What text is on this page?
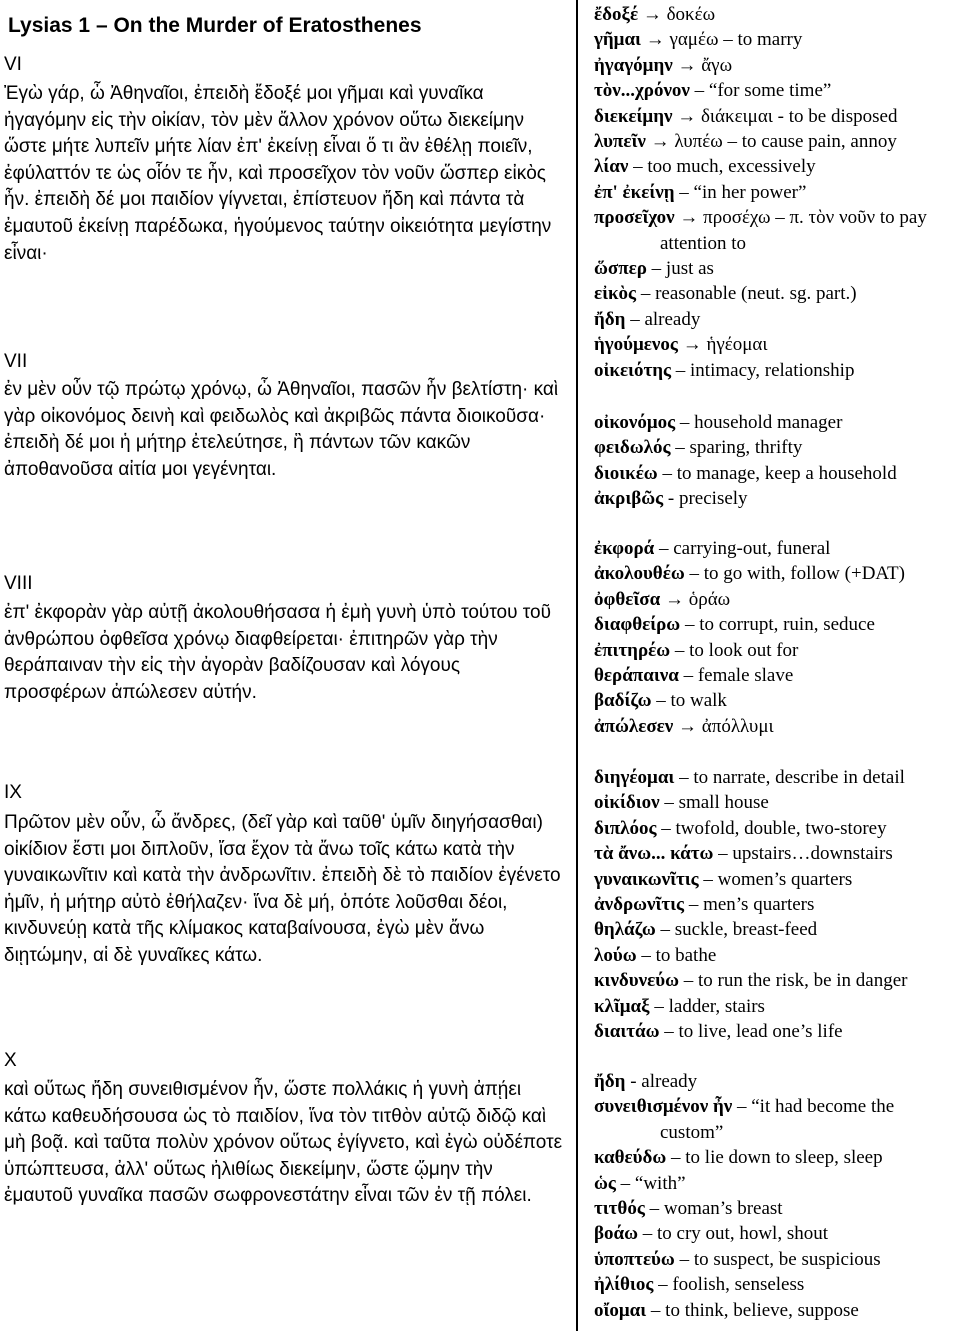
Lysias 1 – On the Murder of Eratosthenes
VI
Ἐγὼ γάρ, ὦ Ἀθηναῖοι, ἐπειδὴ ἔδοξέ μοι γῆμαι καὶ γυναῖκα ἠγαγόμην εἰς τὴν οἰκίαν, τὸν μὲν ἄλλον χρόνον οὕτω διεκείμην ὥστε μήτε λυπεῖν μήτε λίαν ἐπ' ἐκείνῃ εἶναι ὅ τι ἂν ἐθέλῃ ποιεῖν, ἐφύλαττόν τε ὡς οἷόν τε ἦν, καὶ προσεῖχον τὸν νοῦν ὥσπερ εἰκὸς ἦν. ἐπειδὴ δέ μοι παιδίον γίγνεται, ἐπίστευον ἤδη καὶ πάντα τὰ ἐμαυτοῦ ἐκείνῃ παρέδωκα, ἡγούμενος ταύτην οἰκειότητα μεγίστην εἶναι·
VII
ἐν μὲν οὖν τῷ πρώτῳ χρόνῳ, ὦ Ἀθηναῖοι, πασῶν ἦν βελτίστη· καὶ γὰρ οἰκονόμος δεινὴ καὶ φειδωλὸς καὶ ἀκριβῶς πάντα διοικοῦσα· ἐπειδὴ δέ μοι ἡ μήτηρ ἐτελεύτησε, ἣ πάντων τῶν κακῶν ἀποθανοῦσα αἰτία μοι γεγένηται.
VIII
ἐπ' ἐκφορὰν γὰρ αὐτῇ ἀκολουθήσασα ἡ ἐμὴ γυνὴ ὑπὸ τούτου τοῦ ἀνθρώπου ὀφθεῖσα χρόνῳ διαφθείρεται· ἐπιτηρῶν γὰρ τὴν θεράπαιναν τὴν εἰς τὴν ἀγορὰν βαδίζουσαν καὶ λόγους προσφέρων ἀπώλεσεν αὐτήν.
IX
Πρῶτον μὲν οὖν, ὦ ἄνδρες, (δεῖ γὰρ καὶ ταῦθ' ὑμῖν διηγήσασθαι) οἰκίδιον ἔστι μοι διπλοῦν, ἴσα ἔχον τὰ ἄνω τοῖς κάτω κατὰ τὴν γυναικωνῖτιν καὶ κατὰ τὴν ἀνδρωνῖτιν. ἐπειδὴ δὲ τὸ παιδίον ἐγένετο ἡμῖν, ἡ μήτηρ αὐτὸ ἐθήλαζεν· ἵνα δὲ μή, ὁπότε λοῦσθαι δέοι, κινδυνεύῃ κατὰ τῆς κλίμακος καταβαίνουσα, ἐγὼ μὲν ἄνω διῃτώμην, αἱ δὲ γυναῖκες κάτω.
X
καὶ οὕτως ἤδη συνειθισμένον ἦν, ὥστε πολλάκις ἡ γυνὴ ἀπῄει κάτω καθευδήσουσα ὡς τὸ παιδίον, ἵνα τὸν τιτθὸν αὐτῷ διδῷ καὶ μὴ βοᾷ. καὶ ταῦτα πολὺν χρόνον οὕτως ἐγίγνετο, καὶ ἐγὼ οὐδέποτε ὑπώπτευσα, ἀλλ' οὕτως ἠλιθίως διεκείμην, ὥστε ᾤμην τὴν ἐμαυτοῦ γυναῖκα πασῶν σωφρονεστάτην εἶναι τῶν ἐν τῇ πόλει.
ἔδοξέ → δοκέω
γῆμαι → γαμέω – to marry
ἠγαγόμην → ἄγω
τὸν...χρόνον – “for some time”
διεκείμην → διάκειμαι - to be disposed
λυπεῖν → λυπέω – to cause pain, annoy
λίαν – too much, excessively
ἐπ' ἐκείνῃ – “in her power”
προσεῖχον → προσέχω – π. τὸν νοῦν to pay attention to
ὥσπερ – just as
εἰκὸς – reasonable (neut. sg. part.)
ἤδη – already
ἡγούμενος → ἡγέομαι
οἰκειότης – intimacy, relationship
οἰκονόμος – household manager
φειδωλός – sparing, thrifty
διοικέω – to manage, keep a household
ἀκριβῶς - precisely
ἐκφορά – carrying-out, funeral
ἀκολουθέω – to go with, follow (+DAT)
ὀφθεῖσα → ὁράω
διαφθείρω – to corrupt, ruin, seduce
ἐπιτηρέω – to look out for
θεράπαινα – female slave
βαδίζω – to walk
ἀπώλεσεν → ἀπόλλυμι
διηγέομαι – to narrate, describe in detail
οἰκίδιον – small house
διπλόος – twofold, double, two-storey
τὰ ἄνω... κάτω – upstairs…downstairs
γυναικωνῖτις – women’s quarters
ἀνδρωνῖτις – men’s quarters
θηλάζω – suckle, breast-feed
λούω – to bathe
κινδυνεύω – to run the risk, be in danger
κλῖμαξ – ladder, stairs
διαιτάω – to live, lead one’s life
ἤδη - already
συνειθισμένον ἦν – “it had become the custom”
καθεύδω – to lie down to sleep, sleep
ὡς – “with”
τιτθός – woman’s breast
βοάω – to cry out, howl, shout
ὑποπτεύω – to suspect, be suspicious
ἠλίθιος – foolish, senseless
οἴομαι – to think, believe, suppose
